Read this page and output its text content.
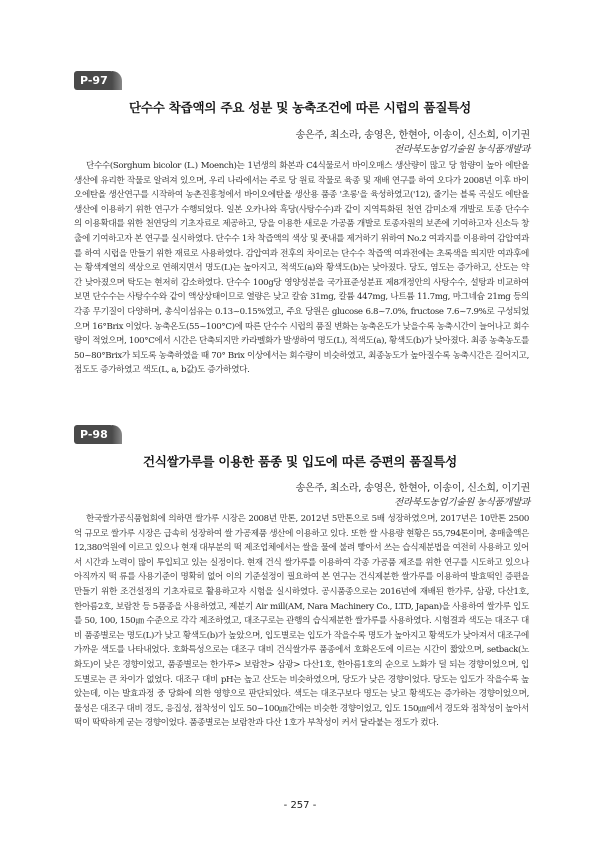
P-97
단수수 착즙액의 주요 성분 및 농축조건에 따른 시럽의 품질특성
송은주, 최소라, 송영은, 한현아, 이송이, 신소희, 이기권
전라북도농업기술원 농식품개발과
단수수(Sorghum bicolor (L.) Moench)는 1년생의 화본과 C4식물로서 바이오매스 생산량이 많고 당 함량이 높아 에탄올 생산에 유리한 작물로 알려져 있으며, 우리 나라에서는 주로 당 원료 작물로 육종 및 재배 연구를 하여 오다가 2008년 이후 바이오에탄올 생산연구를 시작하여 농촌진흥청에서 바이오에탄올 생산용 품종 '초롱'을 육성하였고('12), 줄기는 블록 곡실도 에탄올 생산에 이용하기 위한 연구가 수행되었다. 일본 오카나와 흑당(사탕수수)과 같이 지역특화된 천연 감미소재 개발로 토종 단수수의 이용확대를 위한 천연당의 기초자료로 제공하고, 당을 이용한 새로운 가공품 개발로 토종자원의 보존에 기여하고자 신소득 창출에 기여하고자 본 연구를 실시하였다. 단수수 1차 착즙액의 색상 및 풋내를 제거하기 위하여 No.2 여과지를 이용하여 감압여과를 하여 시럽을 만들기 위한 재료로 사용하였다. 감압여과 전후의 차이로는 단수수 착즙액 여과전에는 초록색을 띄지만 여과후에는 황색계열의 색상으로 연해지면서 명도(L)는 높아지고, 적색도(a)와 황색도(b)는 낮아졌다. 당도, 염도는 증가하고, 산도는 약간 낮아졌으며 탁도는 현저히 감소하였다. 단수수 100g당 영양성분을 국가표준성분표 제8개정안의 사탕수수, 설탕과 비교하여 보면 단수수는 사탕수수와 같이 액상상태이므로 열량은 낮고 칼슘 31mg, 칼륨 447mg, 나트륨 11.7mg, 마그네슘 21mg 등의 각종 무기질이 다양하며, 총식이섬유는 0.13~0.15%였고, 주요 당원은 glucose 6.8~7.0%, fructose 7.6~7.9%로 구성되었으며 16°Brix 이었다. 농축온도(55~100°C)에 따른 단수수 시럽의 품질 변화는 농축온도가 낮을수록 농축시간이 늘어나고 회수량이 적었으며, 100°C에서 시간은 단축되지만 카라멜화가 발생하여 명도(L), 적색도(a), 황색도(b)가 낮아졌다. 최종 농축농도를 50~80°Brix가 되도록 농축하였을 때 70° Brix 이상에서는 회수량이 비슷하였고, 최종농도가 높아질수록 농축시간은 길어지고, 점도도 증가하였고 색도(L, a, b값)도 증가하였다.
P-98
건식쌀가루를 이용한 품종 및 입도에 따른 증편의 품질특성
송은주, 최소라, 송영은, 한현아, 이송이, 신소희, 이기권
전라북도농업기술원 농식품개발과
한국쌀가공식품협회에 의하면 쌀가루 시장은 2008년 만톤, 2012년 5만톤으로 5배 성장하였으며, 2017년은 10만톤 2500억 규모로 쌀가루 시장은 급속히 성장하여 쌀 가공제품 생산에 이용하고 있다. 또한 쌀 사용량 현황은 55,794톤이며, 총매출액은 12,380억원에 이르고 있으나 현재 대부분의 떡 제조업체에서는 쌀을 물에 불려 빻아서 쓰는 습식제분법을 여전히 사용하고 있어서 시간과 노력이 많이 투입되고 있는 실정이다. 현재 건식 쌀가루를 이용하여 각종 가공품 제조를 위한 연구를 시도하고 있으나 아직까지 떡 류를 사용기준이 명확히 없어 이의 기준설정이 필요하여 본 연구는 건식제분한 쌀가루를 이용하여 발효떡인 증편을 만들기 위한 조건설정의 기초자료로 활용하고자 시험을 실시하였다. 공시품종으로는 2016년에 재배된 한가루, 삼광, 다산1호, 한아름2호, 보람찬 등 5품종을 사용하였고, 제분기 Air mill(AM, Nara Machinery Co., LTD, Japan)을 사용하여 쌀가루 입도를 50, 100, 150㎛ 수준으로 각각 제조하였고, 대조구로는 관행의 습식제분한 쌀가루를 사용하였다. 시험결과 색도는 대조구 대비 품종별로는 명도(L)가 낮고 황색도(b)가 높았으며, 입도별로는 입도가 작을수록 명도가 높아지고 황색도가 낮아져서 대조구에 가까운 색도를 나타내었다. 호화특성으로는 대조구 대비 건식쌀가루 품종에서 호화온도에 이르는 시간이 짧았으며, setback(노화도)이 낮은 경향이었고, 품종별로는 한가루> 보람찬> 삼광> 다산1호, 한아름1호의 순으로 노화가 덜 되는 경향이었으며, 입도별로는 큰 차이가 없었다. 대조구 대비 pH는 높고 산도는 비슷하였으며, 당도가 낮은 경향이었다. 당도는 입도가 작을수록 높았는데, 이는 발효과정 중 당화에 의한 영향으로 판단되었다. 색도는 대조구보다 명도는 낮고 황색도는 증가하는 경향이었으며, 물성은 대조구 대비 경도, 응집성, 점착성이 입도 50~100㎛간에는 비슷한 경향이었고, 입도 150㎛에서 경도와 점착성이 높아서 떡이 딱딱하게 굳는 경향이었다. 품종별로는 보람찬과 다산 1호가 부착성이 커서 달라붙는 정도가 컸다.
- 257 -
